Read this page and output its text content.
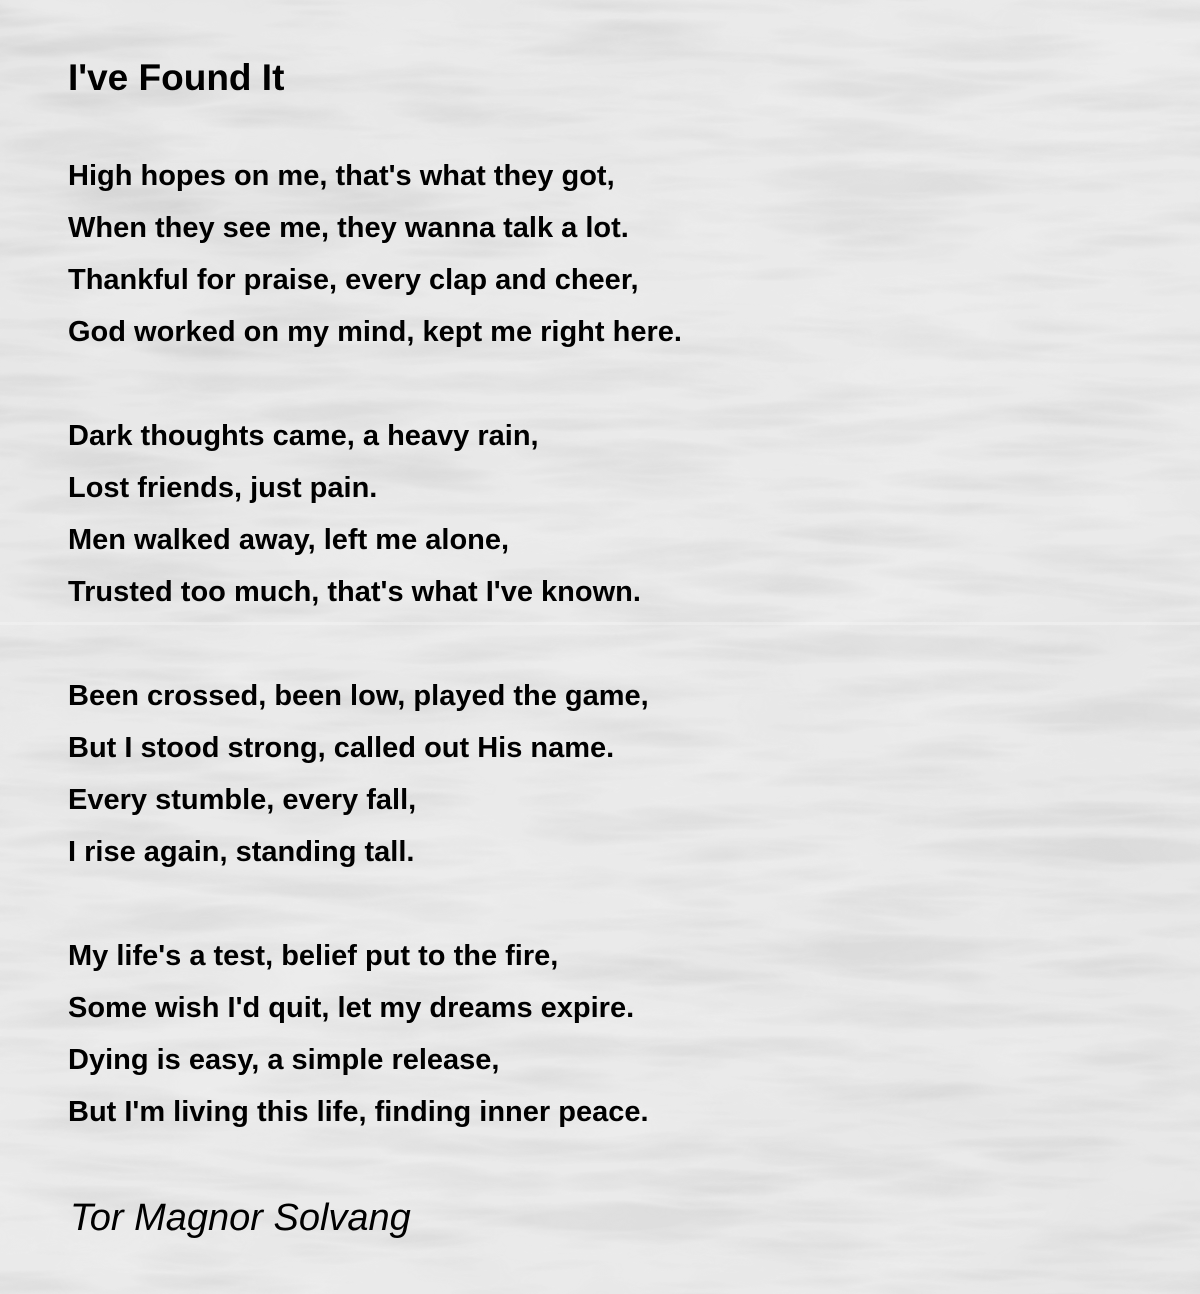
I've Found It
High hopes on me, that's what they got,
When they see me, they wanna talk a lot.
Thankful for praise, every clap and cheer,
God worked on my mind, kept me right here.
Dark thoughts came, a heavy rain,
Lost friends, just pain.
Men walked away, left me alone,
Trusted too much, that's what I've known.
Been crossed, been low, played the game,
But I stood strong, called out His name.
Every stumble, every fall,
I rise again, standing tall.
My life's a test, belief put to the fire,
Some wish I'd quit, let my dreams expire.
Dying is easy, a simple release,
But I'm living this life, finding inner peace.

Tor Magnor Solvang
